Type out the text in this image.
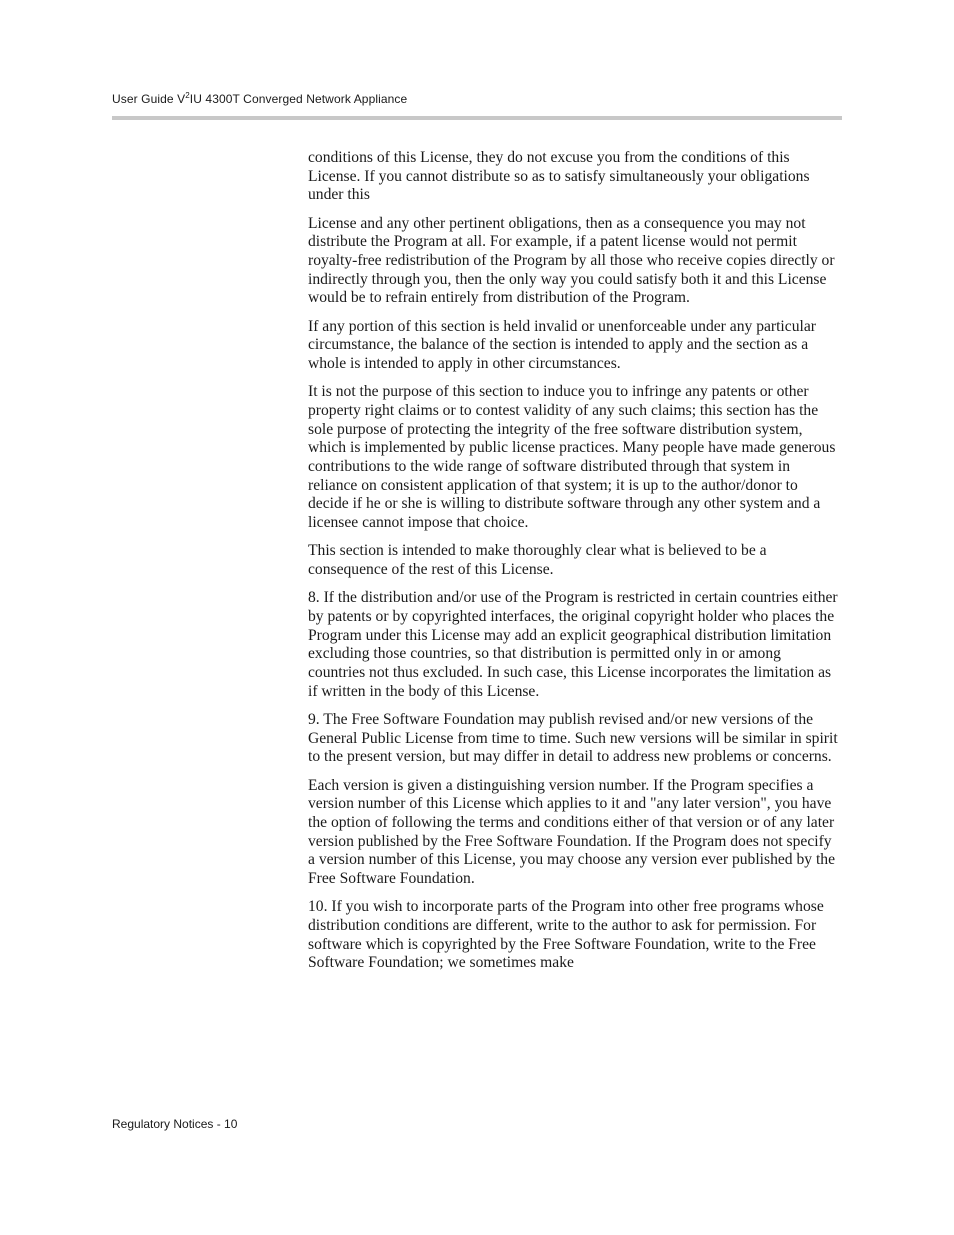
User Guide $V^2IU$ 4300T Converged Network Appliance

conditions of this License, they do not excuse you from the conditions of this License. If you cannot distribute so as to satisfy simultaneously your obligations under this

License and any other pertinent obligations, then as a consequence you may not distribute the Program at all. For example, if a patent license would not permit royalty-free redistribution of the Program by all those who receive copies directly or indirectly through you, then the only way you could satisfy both it and this License would be to refrain entirely from distribution of the Program.

If any portion of this section is held invalid or unenforceable under any particular circumstance, the balance of the section is intended to apply and the section as a whole is intended to apply in other circumstances.

It is not the purpose of this section to induce you to infringe any patents or other property right claims or to contest validity of any such claims; this section has the sole purpose of protecting the integrity of the free software distribution system, which is implemented by public license practices. Many people have made generous contributions to the wide range of software distributed through that system in reliance on consistent application of that system; it is up to the author/donor to decide if he or she is willing to distribute software through any other system and a licensee cannot impose that choice.

This section is intended to make thoroughly clear what is believed to be a consequence of the rest of this License.

8. If the distribution and/or use of the Program is restricted in certain countries either by patents or by copyrighted interfaces, the original copyright holder who places the Program under this License may add an explicit geographical distribution limitation excluding those countries, so that distribution is permitted only in or among countries not thus excluded. In such case, this License incorporates the limitation as if written in the body of this License.

9. The Free Software Foundation may publish revised and/or new versions of the General Public License from time to time. Such new versions will be similar in spirit to the present version, but may differ in detail to address new problems or concerns.

Each version is given a distinguishing version number. If the Program specifies a version number of this License which applies to it and "any later version", you have the option of following the terms and conditions either of that version or of any later version published by the Free Software Foundation. If the Program does not specify a version number of this License, you may choose any version ever published by the Free Software Foundation.

10. If you wish to incorporate parts of the Program into other free programs whose distribution conditions are different, write to the author to ask for permission. For software which is copyrighted by the Free Software Foundation, write to the Free Software Foundation; we sometimes make

Regulatory Notices - 10
